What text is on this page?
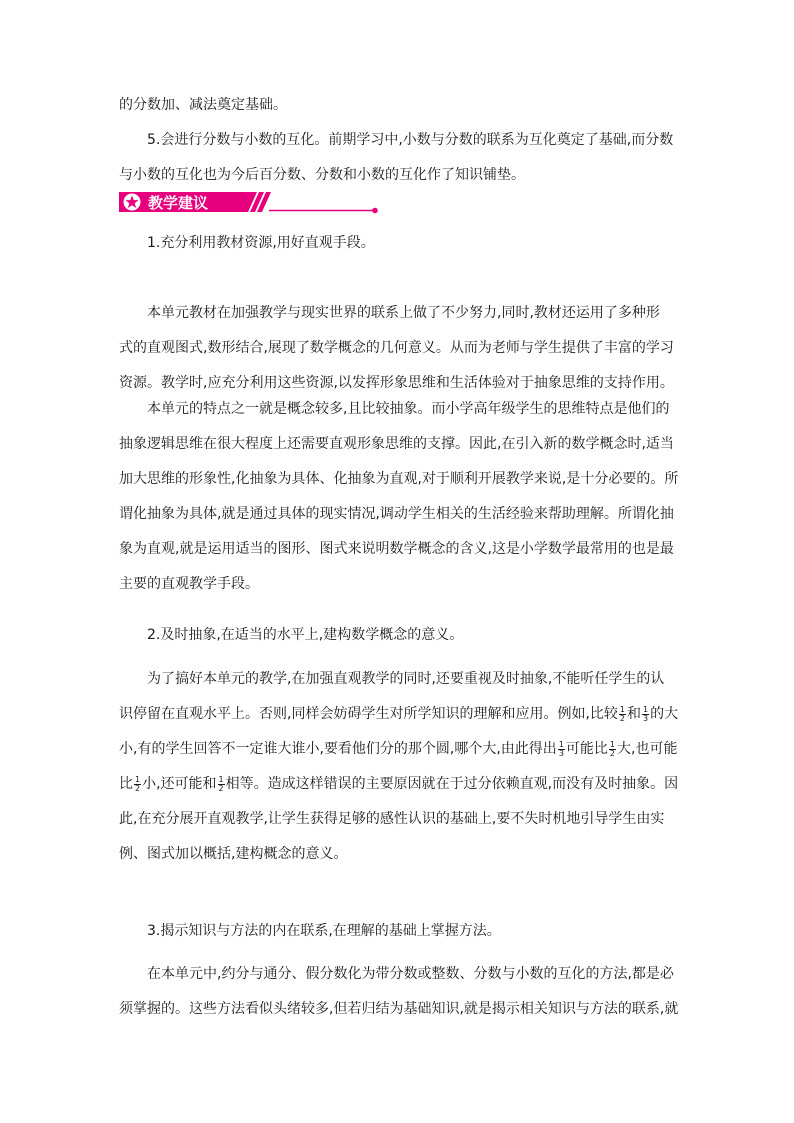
的分数加、减法奠定基础。
5.会进行分数与小数的互化。前期学习中,小数与分数的联系为互化奠定了基础,而分数
与小数的互化也为今后百分数、分数和小数的互化作了知识铺垫。

教学建议

1.充分利用教材资源,用好直观手段。

本单元教材在加强教学与现实世界的联系上做了不少努力,同时,教材还运用了多种形
式的直观图式,数形结合,展现了数学概念的几何意义。从而为老师与学生提供了丰富的学习
资源。教学时,应充分利用这些资源,以发挥形象思维和生活体验对于抽象思维的支持作用。

本单元的特点之一就是概念较多,且比较抽象。而小学高年级学生的思维特点是他们的
抽象逻辑思维在很大程度上还需要直观形象思维的支撑。因此,在引入新的数学概念时,适当
加大思维的形象性,化抽象为具体、化抽象为直观,对于顺利开展教学来说,是十分必要的。所
谓化抽象为具体,就是通过具体的现实情况,调动学生相关的生活经验来帮助理解。所谓化抽
象为直观,就是运用适当的图形、图式来说明数学概念的含义,这是小学数学最常用的也是最
主要的直观教学手段。

2.及时抽象,在适当的水平上,建构数学概念的意义。

为了搞好本单元的教学,在加强直观教学的同时,还要重视及时抽象,不能听任学生的认
识停留在直观水平上。否则,同样会妨碍学生对所学知识的理解和应用。例如,比较 $\frac{1}{2}$ 和 $\frac{1}{3}$ 的大
小,有的学生回答不一定谁大谁小,要看他们分的那个圆,哪个大,由此得出 $\frac{1}{3}$ 可能比 $\frac{1}{2}$ 大,也可能
比 $\frac{1}{2}$ 小,还可能和 $\frac{1}{2}$ 相等。造成这样错误的主要原因就在于过分依赖直观,而没有及时抽象。因
此,在充分展开直观教学,让学生获得足够的感性认识的基础上,要不失时机地引导学生由实
例、图式加以概括,建构概念的意义。

3.揭示知识与方法的内在联系,在理解的基础上掌握方法。

在本单元中,约分与通分、假分数化为带分数或整数、分数与小数的互化的方法,都是必
须掌握的。这些方法看似头绪较多,但若归结为基础知识,就是揭示相关知识与方法的联系,就
